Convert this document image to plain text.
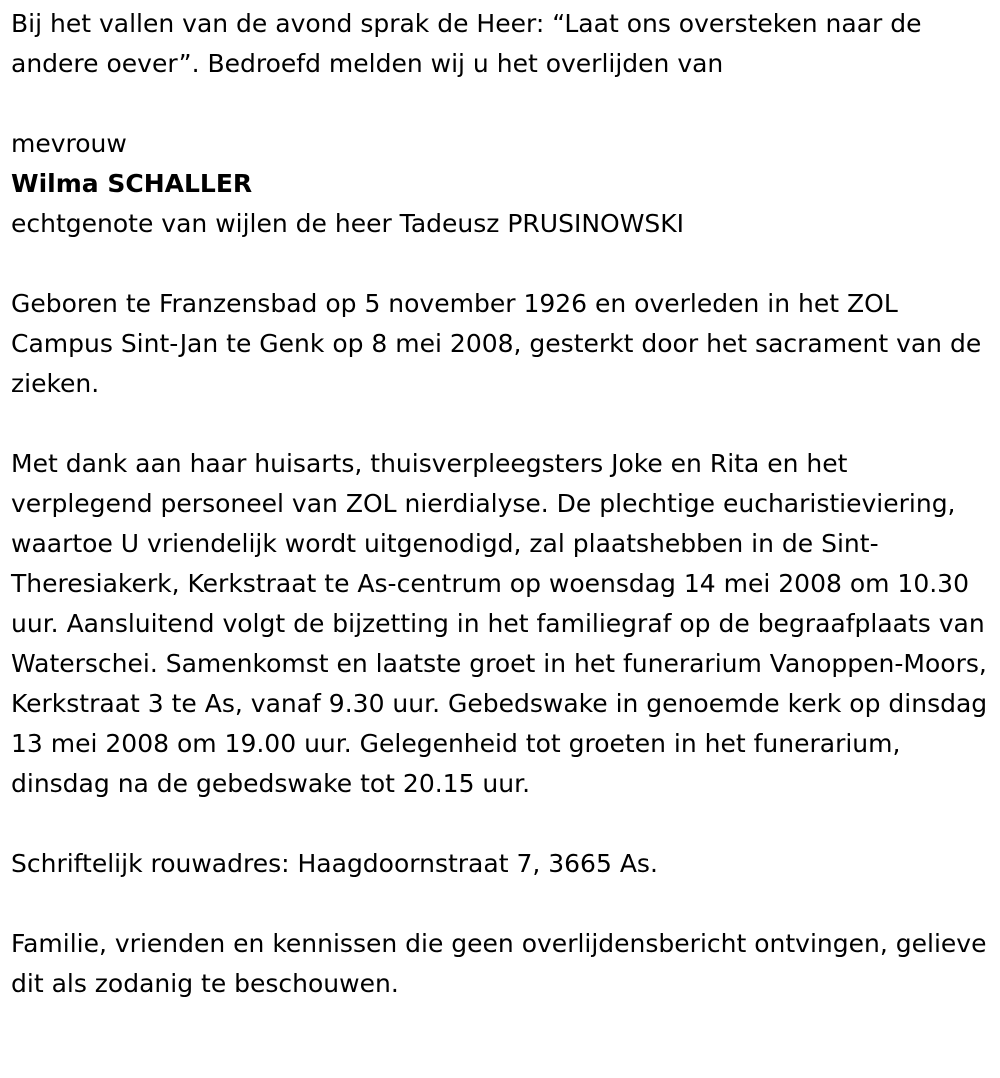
Bij het vallen van de avond sprak de Heer: “Laat ons oversteken naar de andere oever”. Bedroefd melden wij u het overlijden van

mevrouw

Wilma SCHALLER

echtgenote van wijlen de heer Tadeusz PRUSINOWSKI

Geboren te Franzensbad op 5 november 1926 en overleden in het ZOL Campus Sint-Jan te Genk op 8 mei 2008, gesterkt door het sacrament van de zieken.

Met dank aan haar huisarts, thuisverpleegsters Joke en Rita en het verplegend personeel van ZOL nierdialyse. De plechtige eucharistieviering, waartoe U vriendelijk wordt uitgenodigd, zal plaatshebben in de Sint-Theresiakerk, Kerkstraat te As-centrum op woensdag 14 mei 2008 om 10.30 uur. Aansluitend volgt de bijzetting in het familiegraf op de begraafplaats van Waterschei. Samenkomst en laatste groet in het funerarium Vanoppen-Moors, Kerkstraat 3 te As, vanaf 9.30 uur. Gebedswake in genoemde kerk op dinsdag 13 mei 2008 om 19.00 uur. Gelegenheid tot groeten in het funerarium, dinsdag na de gebedswake tot 20.15 uur.

Schriftelijk rouwadres: Haagdoornstraat 7, 3665 As.

Familie, vrienden en kennissen die geen overlijdensbericht ontvingen, gelieve dit als zodanig te beschouwen.
